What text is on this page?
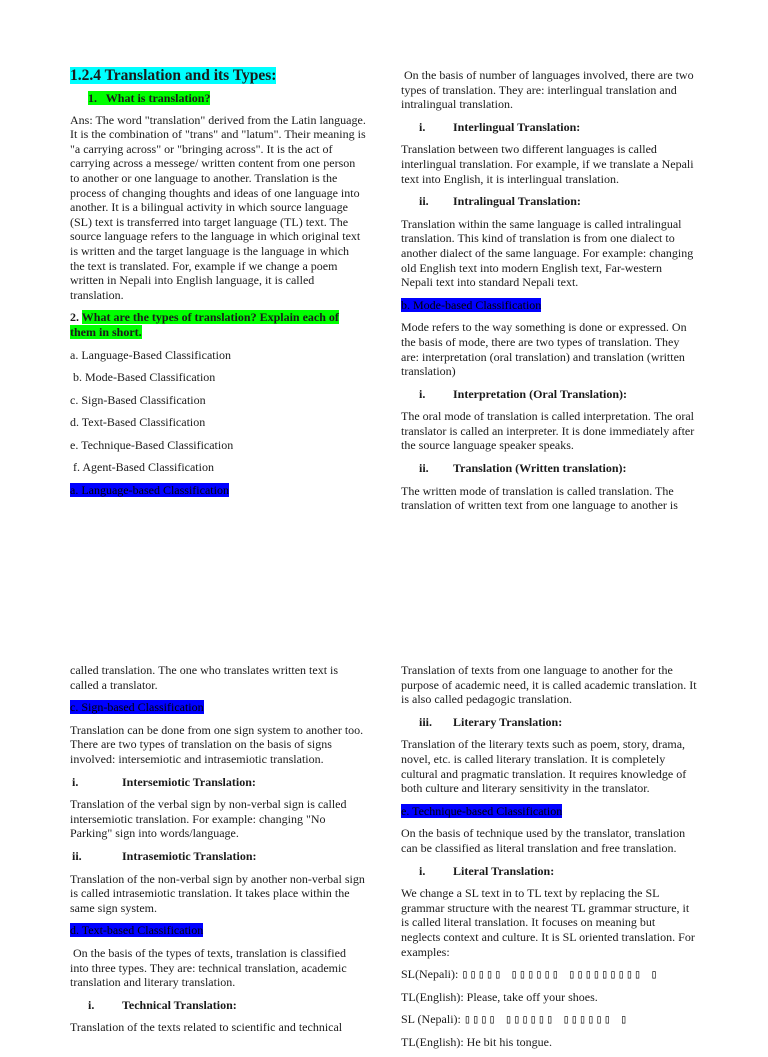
1.2.4 Translation and its Types:
1. What is translation?

Ans: The word "translation" derived from the Latin language. It is the combination of "trans" and "latum". Their meaning is "a carrying across" or "bringing across". It is the act of carrying across a messege/ written content from one person to another or one language to another. Translation is the process of changing thoughts and ideas of one language into another. It is a bilingual activity in which source language (SL) text is transferred into target language (TL) text. The source language refers to the language in which original text is written and the target language is the language in which the text is translated. For, example if we change a poem written in Nepali into English language, it is called translation.

2. What are the types of translation? Explain each of them in short.

a. Language-Based Classification

b. Mode-Based Classification

c. Sign-Based Classification

d. Text-Based Classification

e. Technique-Based Classification

f. Agent-Based Classification

a. Language-based Classification

On the basis of number of languages involved, there are two types of translation. They are: interlingual translation and intralingual translation.

i.	Interlingual Translation:

Translation between two different languages is called interlingual translation. For example, if we translate a Nepali text into English, it is interlingual translation.

ii.	Intralingual Translation:

Translation within the same language is called intralingual translation. This kind of translation is from one dialect to another dialect of the same language. For example: changing old English text into modern English text, Far-western Nepali text into standard Nepali text.

b. Mode-based Classification

Mode refers to the way something is done or expressed. On the basis of mode, there are two types of translation. They are: interpretation (oral translation) and translation (written translation)

i.	Interpretation (Oral Translation):

The oral mode of translation is called interpretation. The oral translator is called an interpreter. It is done immediately after the source language speaker speaks.

ii.	Translation (Written translation):

The written mode of translation is called translation. The translation of written text from one language to another is

called translation. The one who translates written text is called a translator.

c. Sign-based Classification

Translation can be done from one sign system to another too. There are two types of translation on the basis of signs involved: intersemiotic and intrasemiotic translation.

i.	Intersemiotic Translation:

Translation of the verbal sign by non-verbal sign is called intersemiotic translation. For example: changing "No Parking" sign into words/language.

ii.	Intrasemiotic Translation:

Translation of the non-verbal sign by another non-verbal sign is called intrasemiotic translation. It takes place within the same sign system.

d. Text-based Classification

On the basis of the types of texts, translation is classified into three types. They are: technical translation, academic translation and literary translation.

i.	Technical Translation:

Translation of the texts related to scientific and technical

Translation of texts from one language to another for the purpose of academic need, it is called academic translation. It is also called pedagogic translation.

iii.	Literary Translation:

Translation of the literary texts such as poem, story, drama, novel, etc. is called literary translation. It is completely cultural and pragmatic translation. It requires knowledge of both culture and literary sensitivity in the translator.

e. Technique-based Classification

On the basis of technique used by the translator, translation can be classified as literal translation and free translation.

i.	Literal Translation:

We change a SL text in to TL text by replacing the SL grammar structure with the nearest TL grammar structure, it is called literal translation. It focuses on meaning but neglects context and culture. It is SL oriented translation. For examples:

SL(Nepali): ▯▯▯▯▯ ▯▯▯▯▯▯ ▯▯▯▯▯▯▯▯▯ ▯

TL(English): Please, take off your shoes.

SL (Nepali): ▯▯▯▯ ▯▯▯▯▯▯ ▯▯▯▯▯▯ ▯

TL(English): He bit his tongue.
